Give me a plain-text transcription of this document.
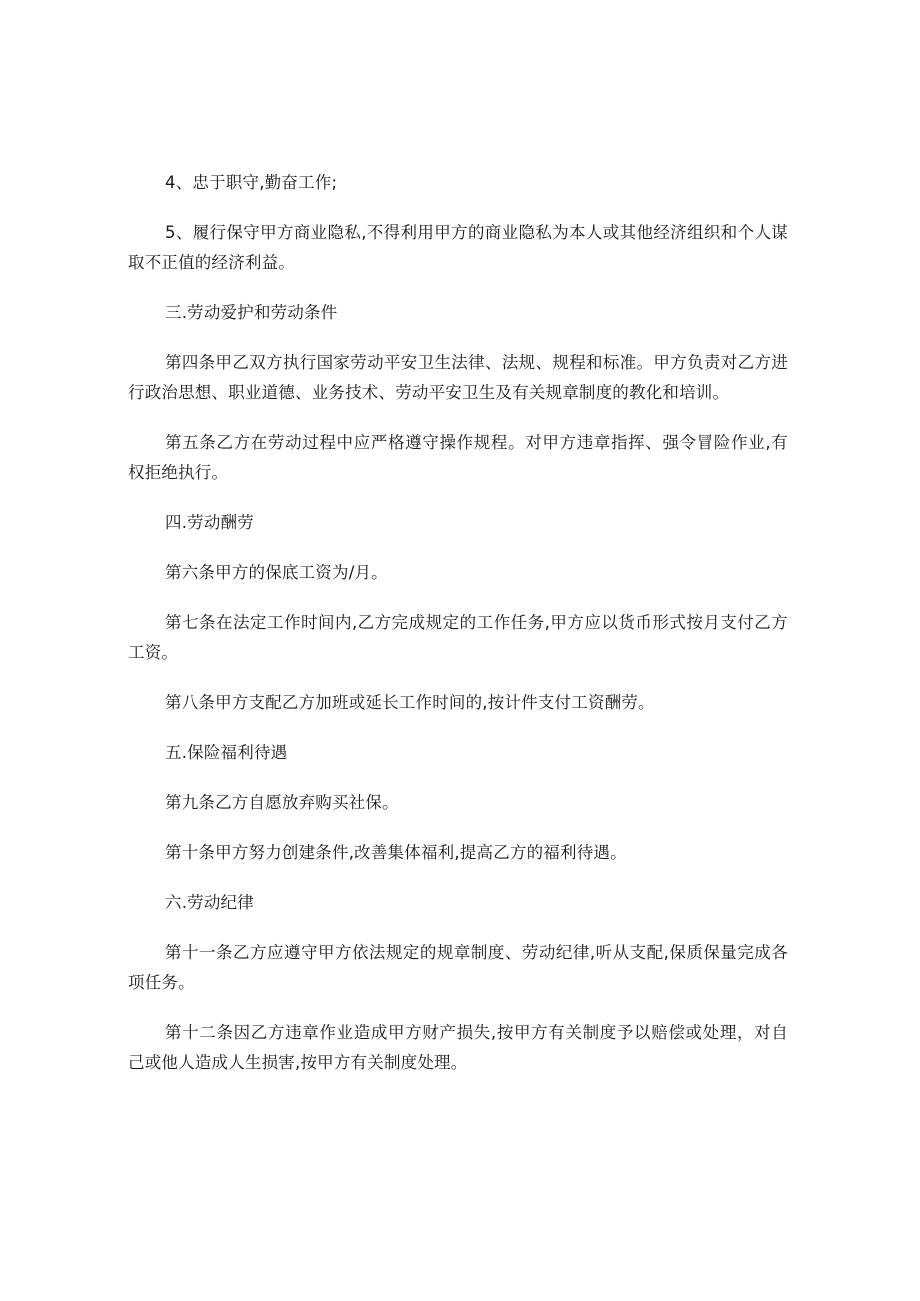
4、忠于职守,勤奋工作;

5、履行保守甲方商业隐私,不得利用甲方的商业隐私为本人或其他经济组织和个人谋取不正值的经济利益。

三.劳动爱护和劳动条件

第四条甲乙双方执行国家劳动平安卫生法律、法规、规程和标准。甲方负责对乙方进行政治思想、职业道德、业务技术、劳动平安卫生及有关规章制度的教化和培训。

第五条乙方在劳动过程中应严格遵守操作规程。对甲方违章指挥、强令冒险作业,有权拒绝执行。

四.劳动酬劳

第六条甲方的保底工资为/月。

第七条在法定工作时间内,乙方完成规定的工作任务,甲方应以货币形式按月支付乙方工资。

第八条甲方支配乙方加班或延长工作时间的,按计件支付工资酬劳。

五.保险福利待遇

第九条乙方自愿放弃购买社保。

第十条甲方努力创建条件,改善集体福利,提高乙方的福利待遇。

六.劳动纪律

第十一条乙方应遵守甲方依法规定的规章制度、劳动纪律,听从支配,保质保量完成各项任务。

第十二条因乙方违章作业造成甲方财产损失,按甲方有关制度予以赔偿或处理，对自己或他人造成人生损害,按甲方有关制度处理。
